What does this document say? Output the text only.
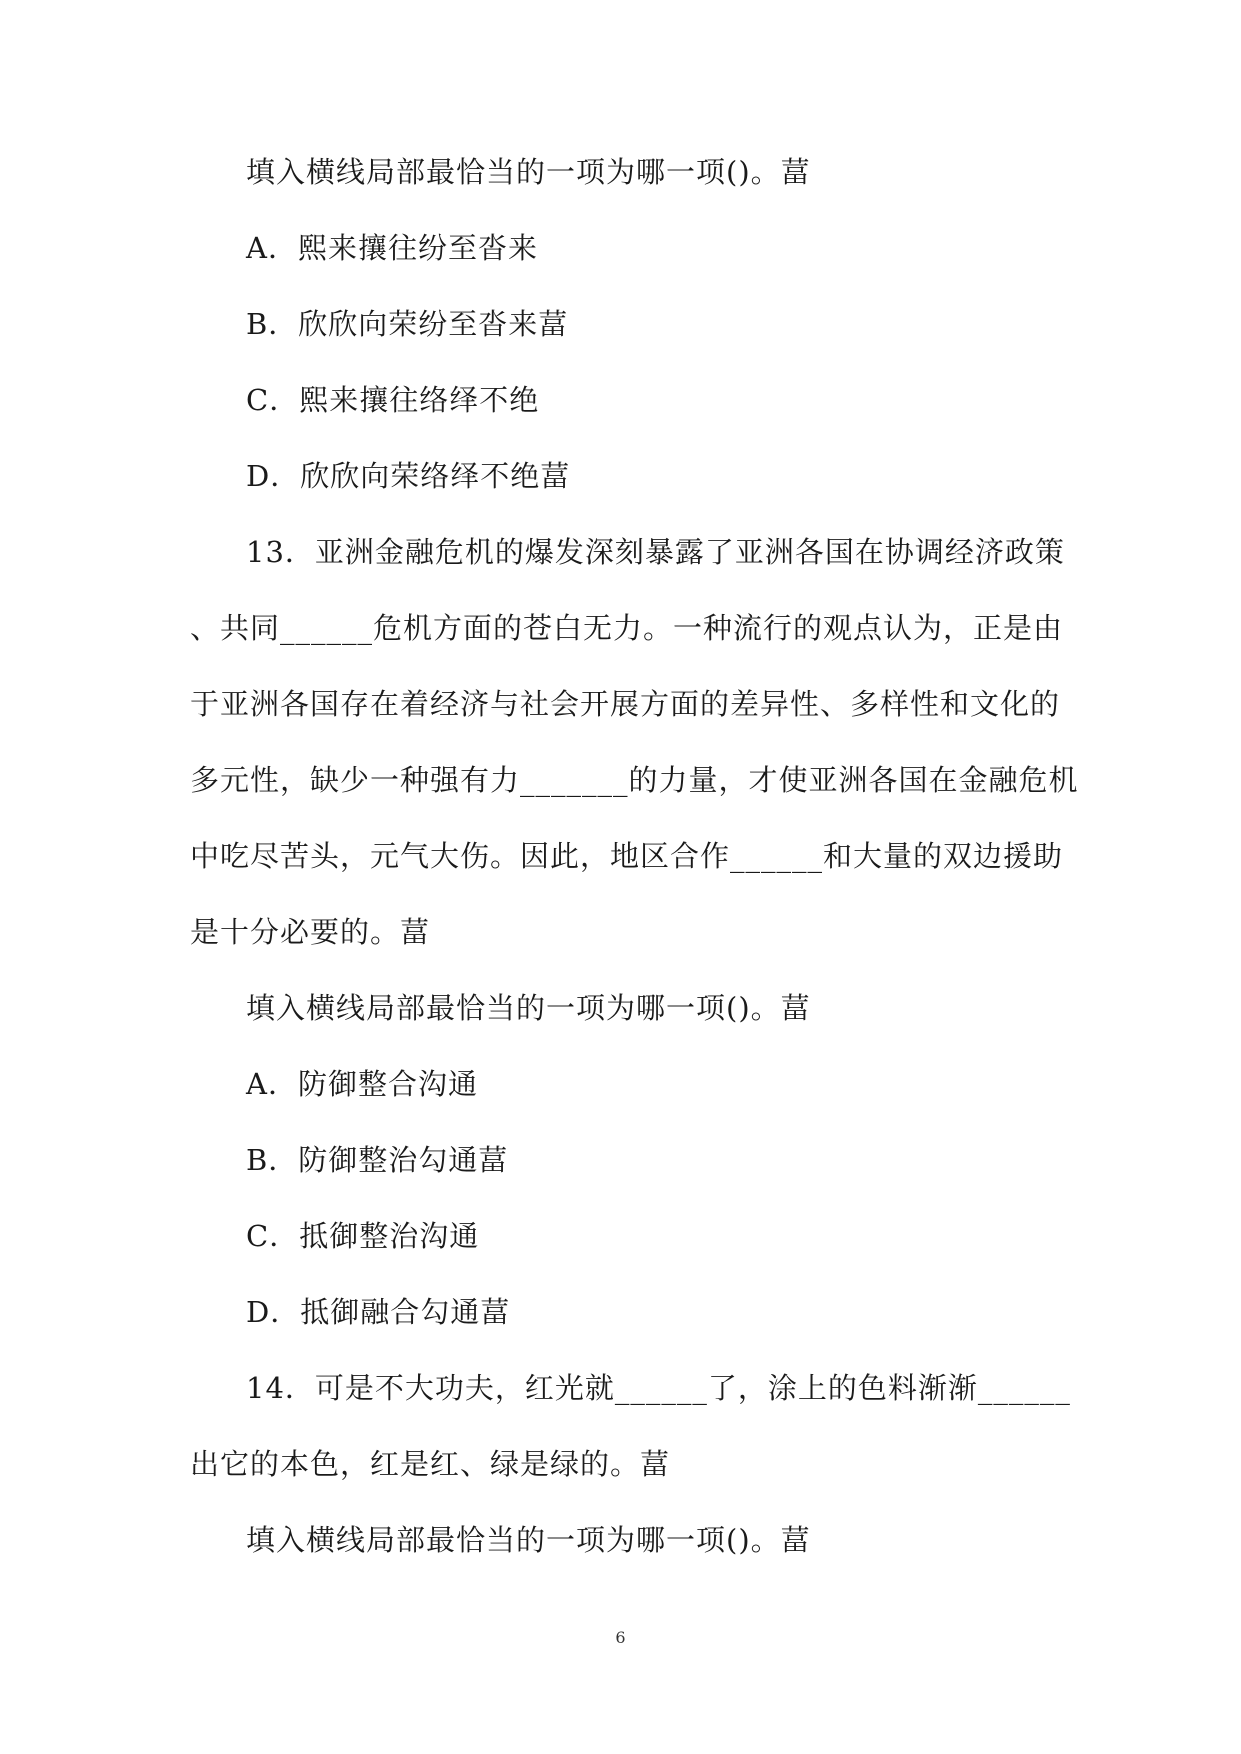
填入横线局部最恰当的一项为哪一项()。葍
A．熙来攘往纷至沓来
B．欣欣向荣纷至沓来葍
C．熙来攘往络绎不绝
D．欣欣向荣络绎不绝葍
13．亚洲金融危机的爆发深刻暴露了亚洲各国在协调经济政策
、共同______危机方面的苍白无力。一种流行的观点认为，正是由
于亚洲各国存在着经济与社会开展方面的差异性、多样性和文化的
多元性，缺少一种强有力_______的力量，才使亚洲各国在金融危机
中吃尽苦头，元气大伤。因此，地区合作______和大量的双边援助
是十分必要的。葍
填入横线局部最恰当的一项为哪一项()。葍
A．防御整合沟通
B．防御整治勾通葍
C．抵御整治沟通
D．抵御融合勾通葍
14．可是不大功夫，红光就______了，涂上的色料渐渐______
出它的本色，红是红、绿是绿的。葍
填入横线局部最恰当的一项为哪一项()。葍
6
